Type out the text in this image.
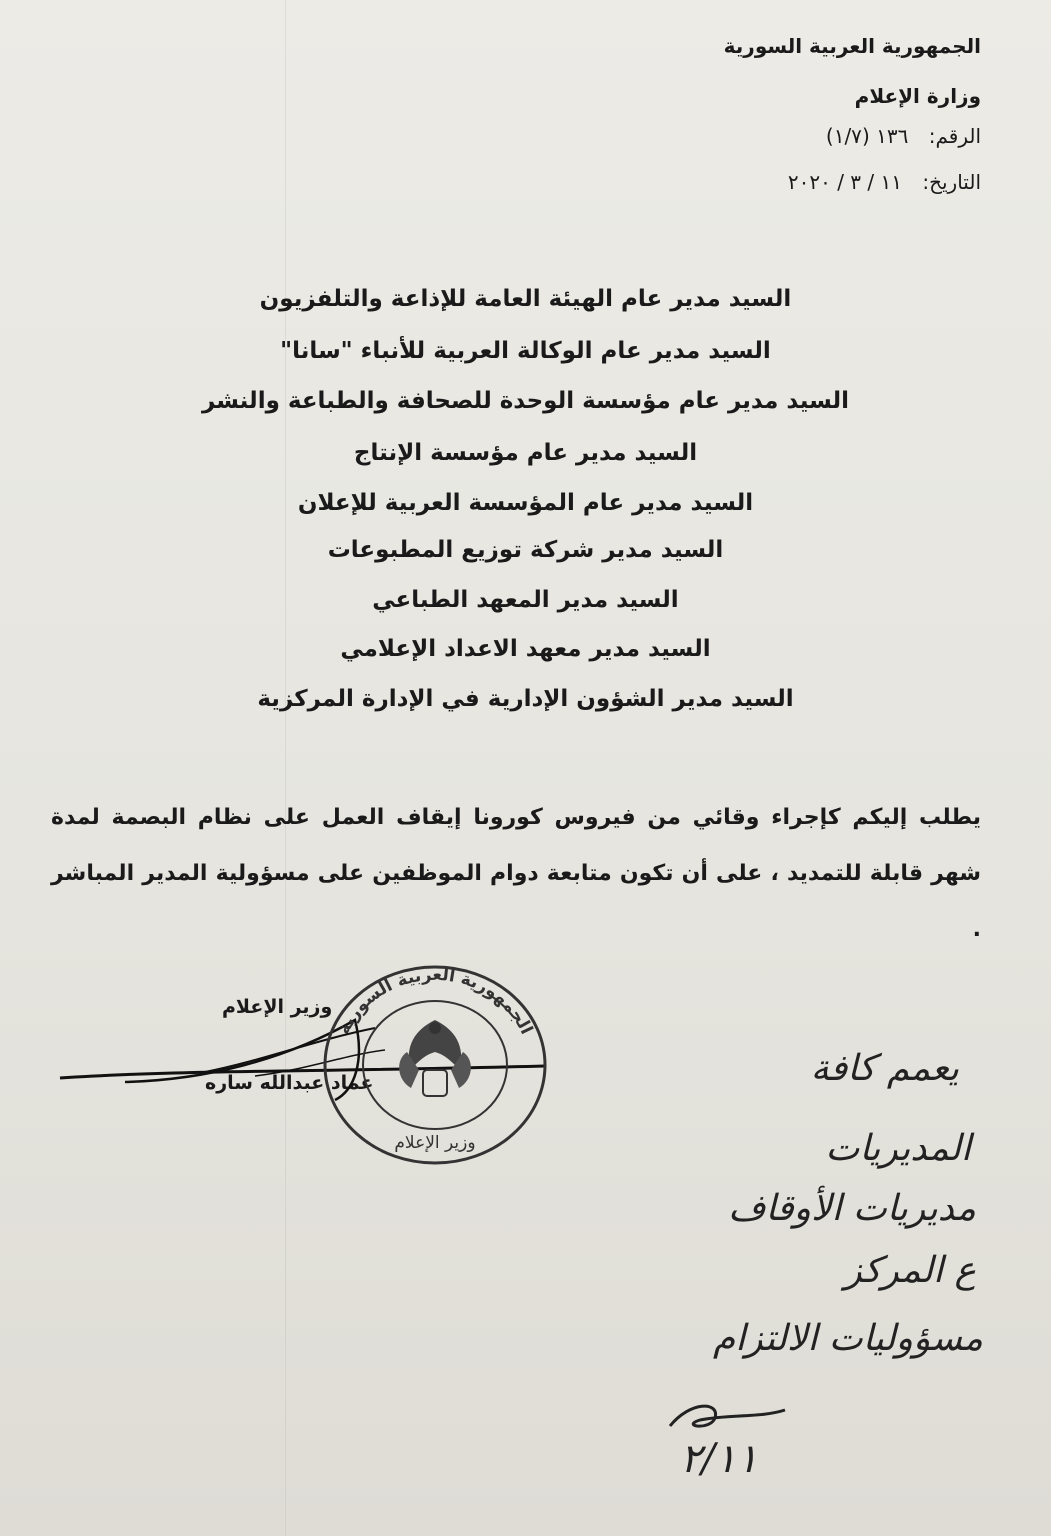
الجمهورية العربية السورية
وزارة الإعلام
الرقم: ١٣٦ (١/٧)
التاريخ: ١١ / ٣ / ٢٠٢٠
السيد مدير عام الهيئة العامة للإذاعة والتلفزيون
السيد مدير عام الوكالة العربية للأنباء "سانا"
السيد مدير عام مؤسسة الوحدة للصحافة والطباعة والنشر
السيد مدير عام مؤسسة الإنتاج
السيد مدير عام المؤسسة العربية للإعلان
السيد مدير شركة توزيع المطبوعات
السيد مدير المعهد الطباعي
السيد مدير معهد الاعداد الإعلامي
السيد مدير الشؤون الإدارية في الإدارة المركزية
يطلب إليكم كإجراء وقائي من فيروس كورونا إيقاف العمل على نظام البصمة لمدة
شهر قابلة للتمديد ، على أن تكون متابعة دوام الموظفين على مسؤولية المدير المباشر .
وزير الإعلام
عماد عبدالله ساره
الجمهورية العربية السورية
وزير الإعلام
يعمم كافة
المديريات
مديريات الأوقاف
ع المركز
مسؤوليات الالتزام
٢/١١
